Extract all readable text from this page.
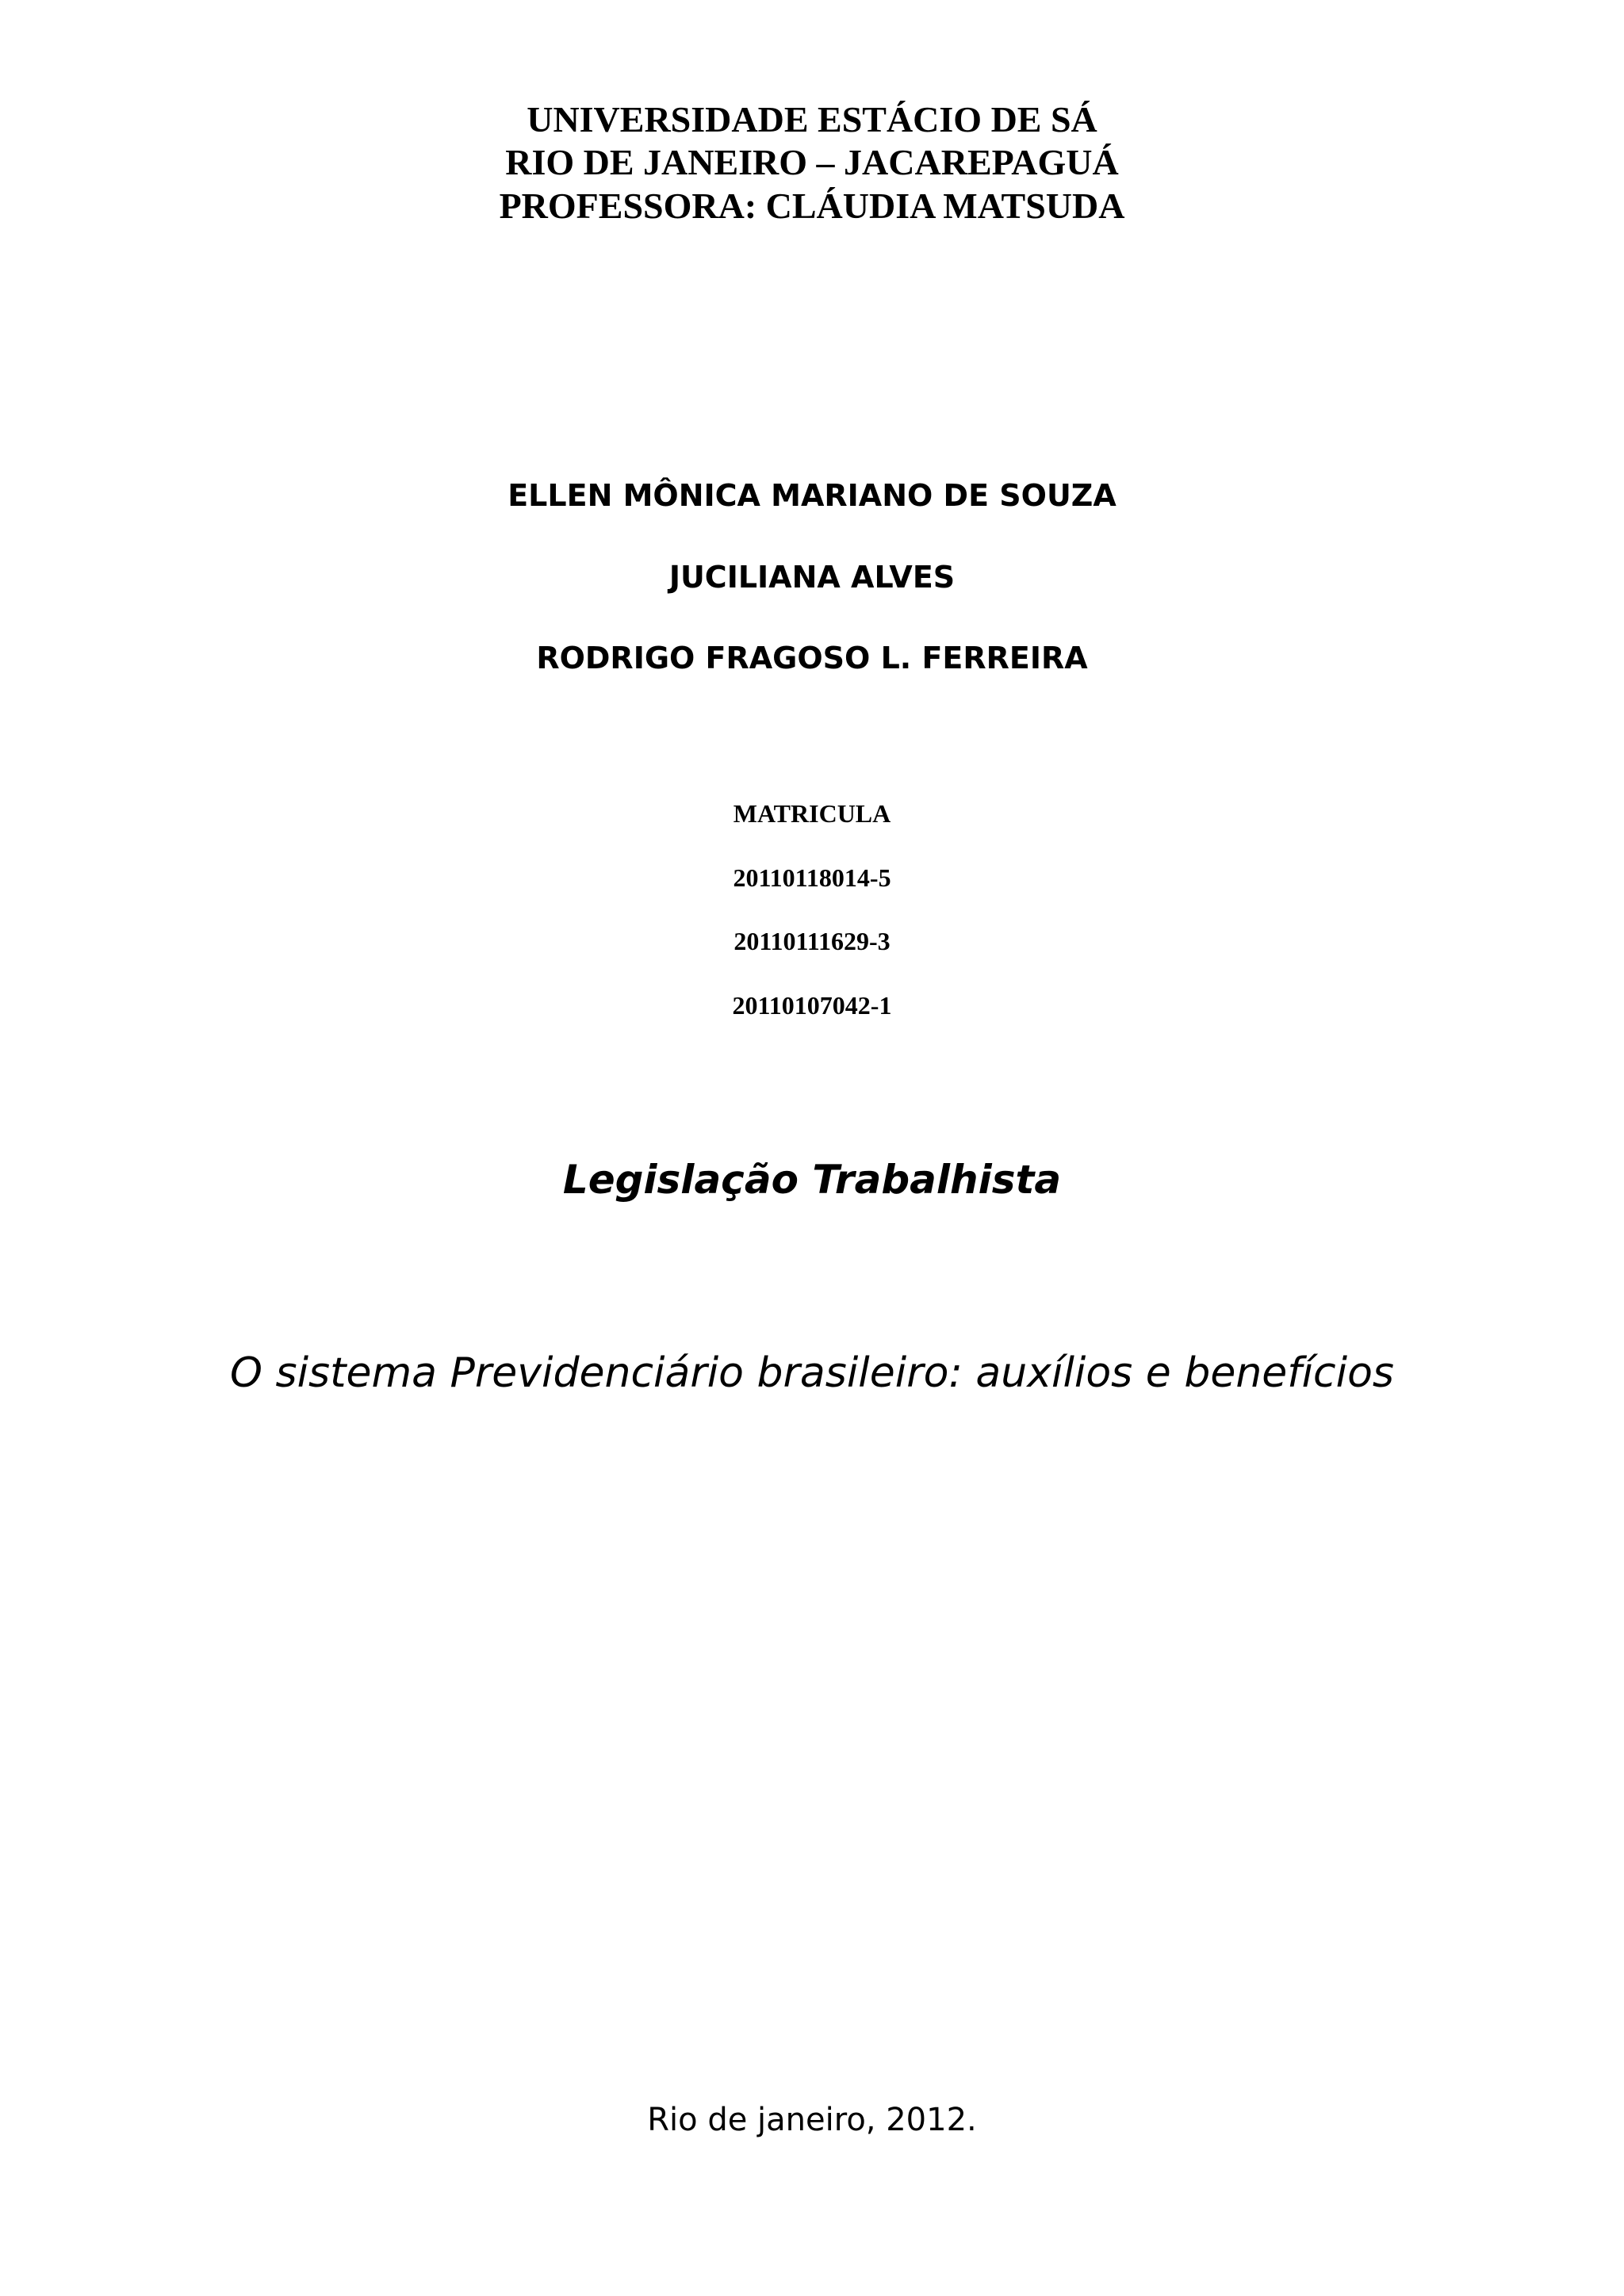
UNIVERSIDADE ESTÁCIO DE SÁ
RIO DE JANEIRO – JACAREPAGUÁ
PROFESSORA: CLÁUDIA MATSUDA
ELLEN MÔNICA MARIANO DE SOUZA
JUCILIANA ALVES
RODRIGO FRAGOSO L. FERREIRA
MATRICULA
20110118014-5
20110111629-3
20110107042-1
Legislação Trabalhista
O sistema Previdenciário brasileiro: auxílios e benefícios
Rio de janeiro, 2012.
